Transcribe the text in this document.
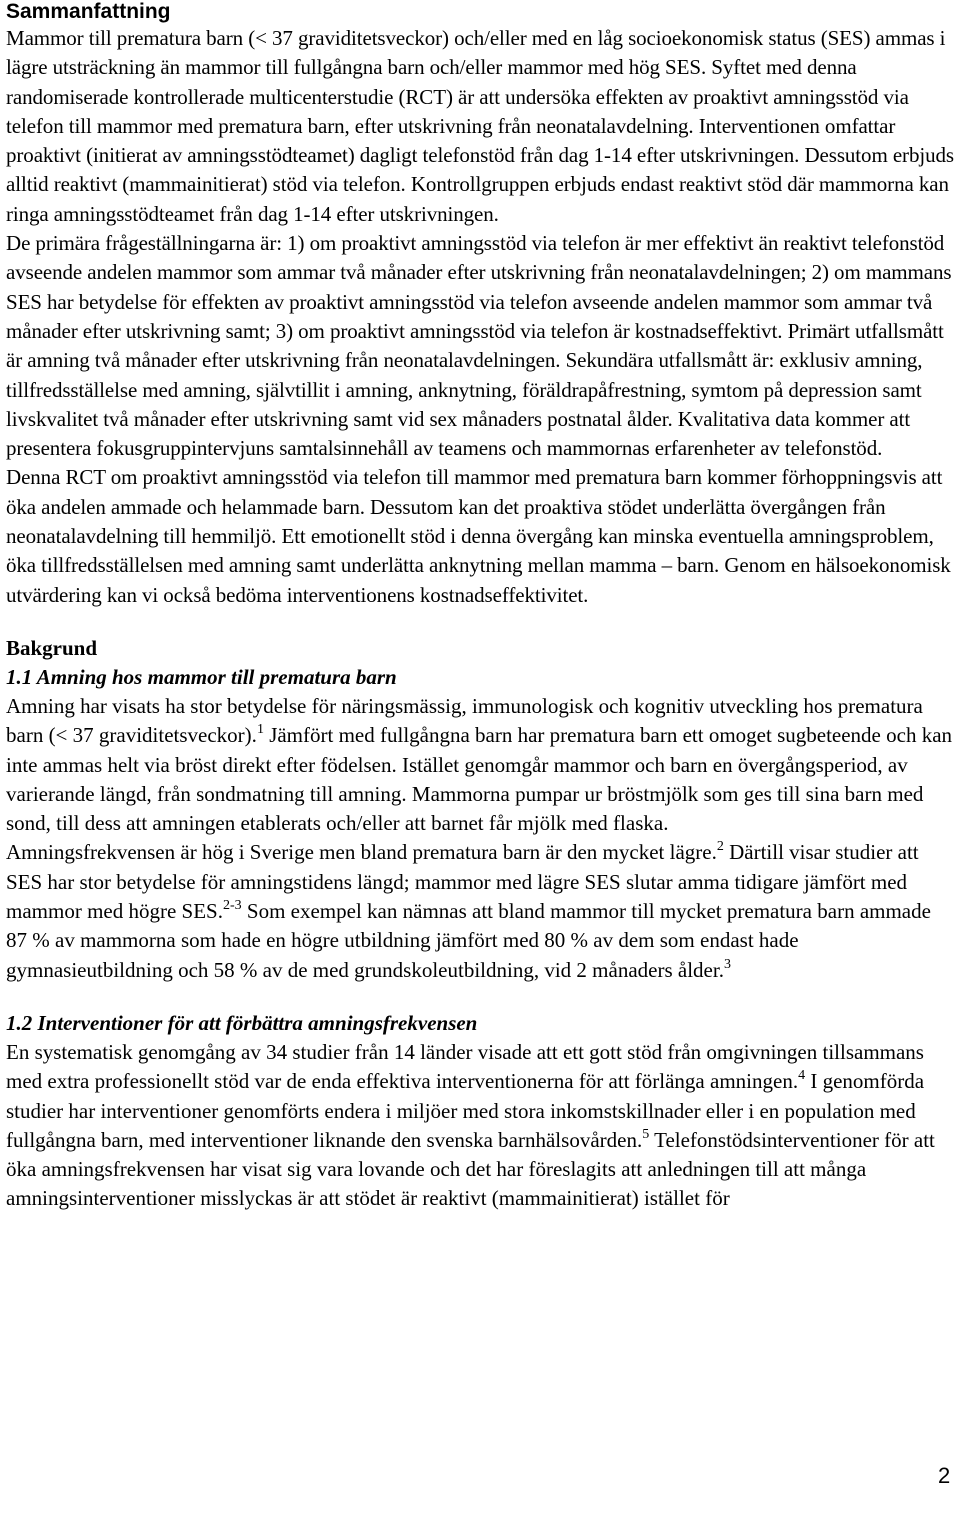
Sammanfattning

Mammor till prematura barn (< 37 graviditetsveckor) och/eller med en låg socioekonomisk status (SES) ammas i lägre utsträckning än mammor till fullgångna barn och/eller mammor med hög SES. Syftet med denna randomiserade kontrollerade multicenterstudie (RCT) är att undersöka effekten av proaktivt amningsstöd via telefon till mammor med prematura barn, efter utskrivning från neonatalavdelning. Interventionen omfattar proaktivt (initierat av amningsstödteamet) dagligt telefonstöd från dag 1-14 efter utskrivningen. Dessutom erbjuds alltid reaktivt (mammainitierat) stöd via telefon. Kontrollgruppen erbjuds endast reaktivt stöd där mammorna kan ringa amningsstödteamet från dag 1-14 efter utskrivningen.

De primära frågeställningarna är: 1) om proaktivt amningsstöd via telefon är mer effektivt än reaktivt telefonstöd avseende andelen mammor som ammar två månader efter utskrivning från neonatalavdelningen; 2) om mammans SES har betydelse för effekten av proaktivt amningsstöd via telefon avseende andelen mammor som ammar två månader efter utskrivning samt; 3) om proaktivt amningsstöd via telefon är kostnadseffektivt. Primärt utfallsmått är amning två månader efter utskrivning från neonatalavdelningen. Sekundära utfallsmått är: exklusiv amning, tillfredsställelse med amning, självtillit i amning, anknytning, föräldrapåfrestning, symtom på depression samt livskvalitet två månader efter utskrivning samt vid sex månaders postnatal ålder. Kvalitativa data kommer att presentera fokusgruppintervjuns samtalsinnehåll av teamens och mammornas erfarenheter av telefonstöd.

Denna RCT om proaktivt amningsstöd via telefon till mammor med prematura barn kommer förhoppningsvis att öka andelen ammade och helammade barn. Dessutom kan det proaktiva stödet underlätta övergången från neonatalavdelning till hemmiljö. Ett emotionellt stöd i denna övergång kan minska eventuella amningsproblem, öka tillfredsställelsen med amning samt underlätta anknytning mellan mamma – barn. Genom en hälsoekonomisk utvärdering kan vi också bedöma interventionens kostnadseffektivitet.

Bakgrund
1.1 Amning hos mammor till prematura barn

Amning har visats ha stor betydelse för näringsmässig, immunologisk och kognitiv utveckling hos prematura barn (< 37 graviditetsveckor).$^1$ Jämfört med fullgångna barn har prematura barn ett omoget sugbeteende och kan inte ammas helt via bröst direkt efter födelsen. Istället genomgår mammor och barn en övergångsperiod, av varierande längd, från sondmatning till amning. Mammorna pumpar ur bröstmjölk som ges till sina barn med sond, till dess att amningen etablerats och/eller att barnet får mjölk med flaska.

Amningsfrekvensen är hög i Sverige men bland prematura barn är den mycket lägre.$^2$ Därtill visar studier att SES har stor betydelse för amningstidens längd; mammor med lägre SES slutar amma tidigare jämfört med mammor med högre SES.$^{2-3}$ Som exempel kan nämnas att bland mammor till mycket prematura barn ammade 87 % av mammorna som hade en högre utbildning jämfört med 80 % av dem som endast hade gymnasieutbildning och 58 % av de med grundskoleutbildning, vid 2 månaders ålder.$^3$

1.2 Interventioner för att förbättra amningsfrekvensen

En systematisk genomgång av 34 studier från 14 länder visade att ett gott stöd från omgivningen tillsammans med extra professionellt stöd var de enda effektiva interventionerna för att förlänga amningen.$^4$ I genomförda studier har interventioner genomförts endera i miljöer med stora inkomstskillnader eller i en population med fullgångna barn, med interventioner liknande den svenska barnhälsovården.$^5$ Telefonstödsinterventioner för att öka amningsfrekvensen har visat sig vara lovande och det har föreslagits att anledningen till att många amningsinterventioner misslyckas är att stödet är reaktivt (mammainitierat) istället för

2
